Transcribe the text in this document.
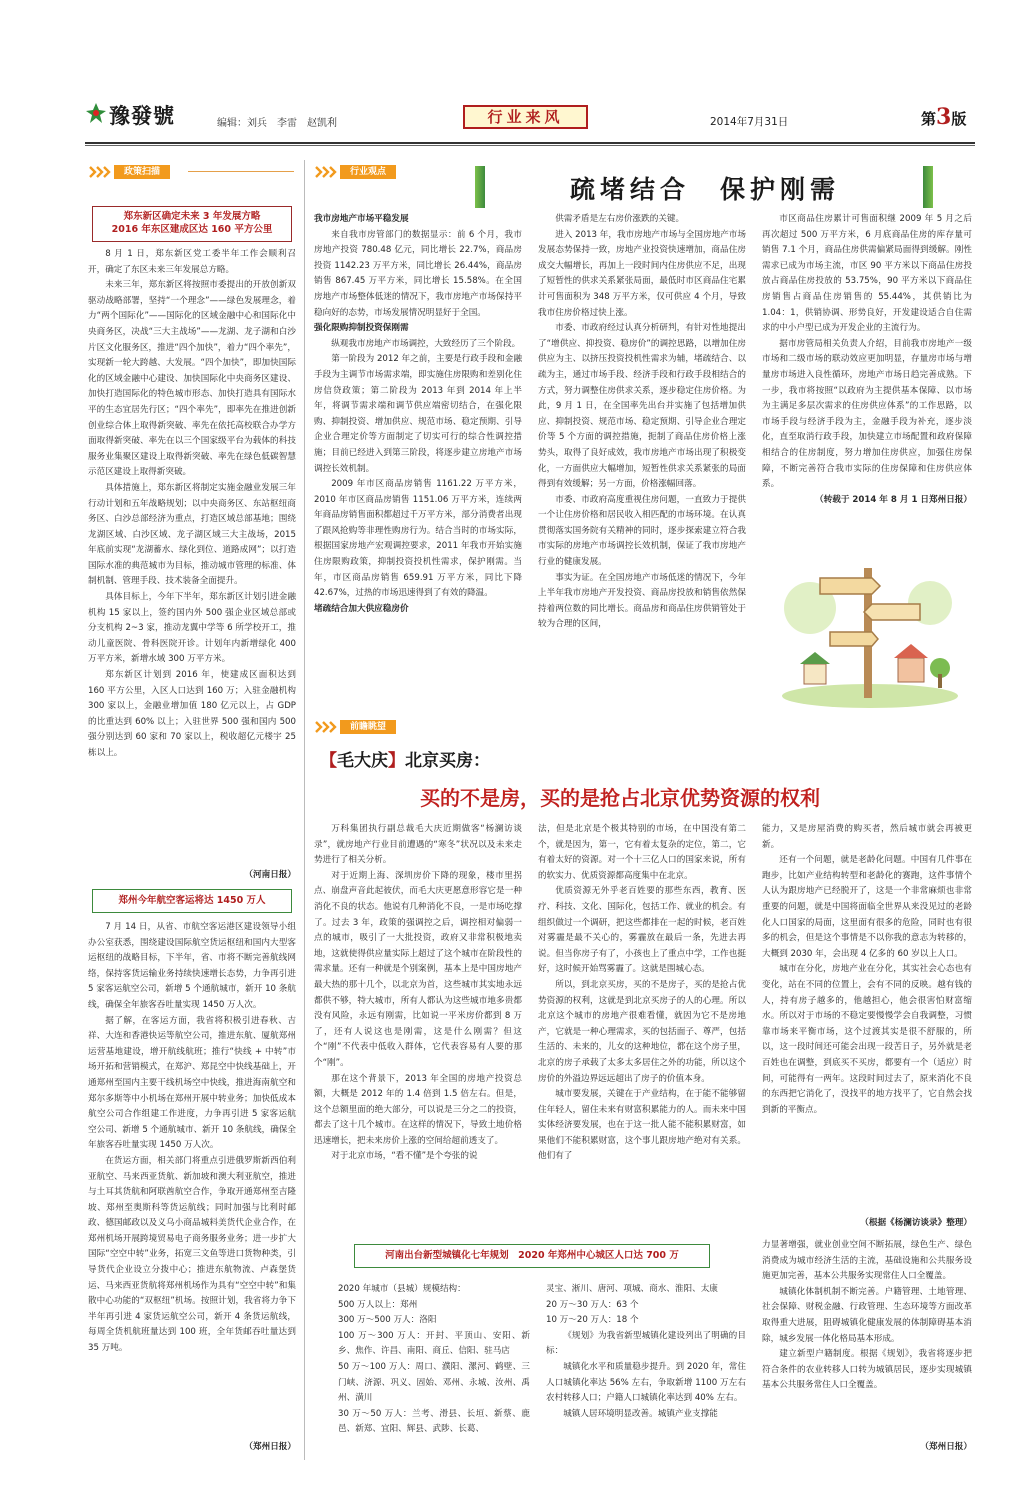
豫發號	编辑：刘兵　李雷　赵凯利	行业来风	2014年7月31日	第3版
政策扫描
郑东新区确定未来 3 年发展方略
2016 年东区建成区达 160 平方公里

8 月 1 日，郑东新区党工委半年工作会顺利召开，确定了东区未来三年发展总方略。

未来三年，郑东新区将按照市委提出的开放创新双驱动战略部署，坚持“一个理念”——绿色发展理念，着力“两个国际化”——国际化的区域金融中心和国际化中央商务区，决战“三大主战场”——龙湖、龙子湖和白沙片区文化服务区，推进“四个加快”，着力“四个率先”，实现新一轮大跨越、大发展。“四个加快”，即加快国际化的区域金融中心建设、加快国际化中央商务区建设、加快打造国际化的特色城市形态、加快打造具有国际水平的生态宜居先行区；“四个率先”，即率先在推进创新创业综合体上取得新突破、率先在依托高校联合办学方面取得新突破、率先在以三个国家级平台为载体的科技服务业集聚区建设上取得新突破、率先在绿色低碳智慧示范区建设上取得新突破。

具体措施上，郑东新区将制定实施金融业发展三年行动计划和五年战略规划；以中央商务区、东站枢纽商务区、白沙总部经济为重点，打造区域总部基地；围绕龙湖区域、白沙区域、龙子湖区域三大主战场，2015 年底前实现“龙湖蓄水、绿化到位、道路成网”；以打造国际水准的典范城市为目标，推动城市管理的标准、体制机制、管理手段、技术装备全面提升。

具体目标上，今年下半年，郑东新区计划引进金融机构 15 家以上，签约国内外 500 强企业区域总部或分支机构 2~3 家，推动龙翼中学等 6 所学校开工，推动儿童医院、骨科医院开诊。计划年内新增绿化 400 万平方米，新增水域 300 万平方米。

郑东新区计划到 2016 年，使建成区面积达到 160 平方公里，入区人口达到 160 万；入驻金融机构 300 家以上，金融业增加值 180 亿元以上，占 GDP 的比重达到 60% 以上；入驻世界 500 强和国内 500 强分别达到 60 家和 70 家以上，税收超亿元楼宇 25 栋以上。

（河南日报）

郑州今年航空客运将达 1450 万人

7 月 14 日，从省、市航空客运港区建设领导小组办公室获悉，围绕建设国际航空货运枢纽和国内大型客运枢纽的战略目标，下半年，省、市将不断完善航线网络，保持客货运输业务持续快速增长态势，力争再引进 5 家客运航空公司，新增 5 个通航城市，新开 10 条航线，确保全年旅客吞吐量实现 1450 万人次。

据了解，在客运方面，我省将积极引进春秋、吉祥、大连和香港快运等航空公司，推进东航、厦航郑州运营基地建设，增开航线航班；推行“快线 + 中转”市场开拓和营销模式，在郑沪、郑昆空中快线基础上，开通郑州至国内主要干线机场空中快线，推进海南航空和郑尔多斯等中小机场在郑州开展中转业务；加快低成本航空公司合作组建工作进度，力争再引进 5 家客运航空公司、新增 5 个通航城市、新开 10 条航线，确保全年旅客吞吐量实现 1450 万人次。

在货运方面，相关部门将重点引进俄罗斯新西伯利亚航空、马来西亚货航、新加坡和澳大利亚航空，推进与土耳其货航和阿联酋航空合作，争取开通郑州至吉隆坡、郑州至奥斯科等货运航线；同时加强与比利时邮政、德国邮政以及义乌小商品城料美货代企业合作，在郑州机场开展跨境贸易电子商务服务业务；进一步扩大国际“空空中转”业务，拓宽三文鱼等进口货物种类，引导货代企业设立分拨中心；推进东航物流、卢森堡货运、马来西亚货航将郑州机场作为具有“空空中转”和集散中心功能的“双枢纽”机场。按照计划，我省将力争下半年再引进 4 家货运航空公司，新开 4 条货运航线，每周全货机航班量达到 100 班，全年货邮吞吐量达到 35 万吨。

（郑州日报）

行业观点
疏堵结合　保护刚需

我市房地产市场平稳发展

来自我市房管部门的数据显示：前 6 个月，我市房地产投资 780.48 亿元，同比增长 22.7%，商品房投资 1142.23 万平方米，同比增长 26.44%，商品房销售 867.45 万平方米，同比增长 15.58%。在全国房地产市场整体低迷的情况下，我市房地产市场保持平稳向好的态势，市场发展情况明显好于全国。

强化限购抑制投资保刚需

纵观我市房地产市场调控，大致经历了三个阶段。

第一阶段为 2012 年之前，主要是行政手段和金融手段为主调节市场需求端，即实施住房限购和差别化住房信贷政策；第二阶段为 2013 年到 2014 年上半年，将调节需求端和调节供应端密切结合，在强化限购、抑制投资、增加供应、规范市场、稳定预期、引导企业合理定价等方面制定了切实可行的综合性调控措施；目前已经进入到第三阶段，将逐步建立房地产市场调控长效机制。

2009 年市区商品房销售 1161.22 万平方米，2010 年市区商品房销售 1151.06 万平方米，连续两年商品房销售面积都超过千万平方米，部分消费者出现了跟风抢购等非理性购房行为。结合当时的市场实际，根据国家房地产宏观调控要求，2011 年我市开始实施住房限购政策，抑制投资投机性需求，保护刚需。当年，市区商品房销售 659.91 万平方米，同比下降 42.67%，过热的市场迅速得到了有效的降温。

堵疏结合加大供应稳房价

供需矛盾是左右房价涨跌的关键。

进入 2013 年，我市房地产市场与全国房地产市场发展态势保持一致，房地产业投资快速增加，商品住房成交大幅增长，再加上一段时间内住房供应不足，出现了短暂性的供求关系紧张局面，最低时市区商品住宅累计可售面积为 348 万平方米，仅可供应 4 个月，导致我市住房价格过快上涨。

市委、市政府经过认真分析研判，有针对性地提出了“增供应、抑投资、稳房价”的调控思路，以增加住房供应为主、以挤压投资投机性需求为辅，堵疏结合、以疏为主，通过市场手段、经济手段和行政手段相结合的方式，努力调整住房供求关系，逐步稳定住房价格。为此，9 月 1 日，在全国率先出台并实施了包括增加供应、抑制投资、规范市场、稳定预期、引导企业合理定价等 5 个方面的调控措施，扼制了商品住房价格上涨势头，取得了良好成效，我市房地产市场出现了积极变化，一方面供应大幅增加，短暂性供求关系紧张的局面得到有效缓解；另一方面，价格涨幅回落。

市委、市政府高度重视住房问题，一直致力于提供一个让住房价格和居民收入相匹配的市场环境。在认真贯彻落实国务院有关精神的同时，逐步探索建立符合我市实际的房地产市场调控长效机制，保证了我市房地产行业的健康发展。

事实为证。在全国房地产市场低迷的情况下，今年上半年我市房地产开发投资、商品房投放和销售依然保持着两位数的同比增长。商品房和商品住房供销管处于较为合理的区间，

市区商品住房累计可售面积继 2009 年 5 月之后再次超过 500 万平方米，6 月底商品住房的库存量可销售 7.1 个月，商品住房供需偏紧局面得到缓解。刚性需求已成为市场主流，市区 90 平方米以下商品住房投放占商品住房投放的 53.75%，90 平方米以下商品住房销售占商品住房销售的 55.44%，其供销比为 1.04：1，供销协调、形势良好，开发建设适合自住需求的中小户型已成为开发企业的主流行为。

据市房管局相关负责人介绍，目前我市房地产一级市场和二级市场的联动效应更加明显，存量房市场与增量房市场进入良性循环，房地产市场日趋完善成熟。下一步，我市将按照“以政府为主提供基本保障、以市场为主满足多层次需求的住房供应体系”的工作思路，以市场手段与经济手段为主，金融手段为补充，逐步淡化，直至取消行政手段，加快建立市场配置和政府保障相结合的住房制度，努力增加住房供应，加强住房保障，不断完善符合我市实际的住房保障和住房供应体系。

（转载于 2014 年 8 月 1 日郑州日报）

前瞻眺望
【毛大庆】北京买房：
买的不是房，买的是抢占北京优势资源的权利

万科集团执行副总裁毛大庆近期做客“杨澜访谈录”，就房地产行业目前遭遇的“寒冬”状况以及未来走势进行了相关分析。

对于近期上海、深圳房价下降的现象，楼市里拐点、崩盘声音此起彼伏，而毛大庆更愿意形容它是一种消化不良的状态。他说有几种消化不良，一是市场吃撑了。过去 3 年，政策的强调控之后，调控相对偏弱一点的城市，吸引了一大批投资，政府又非常积极地卖地，这就使得供应量实际上超过了这个城市在阶段性的需求量。还有一种就是个别案例，基本上是中国房地产最大热的那十几个，以北京为首，这些城市其实地永远都供不够，特大城市，所有人都认为这些城市地多贵都没有风险，永远有刚需，比如说一平米房价都到 8 万了，还有人说这也是刚需，这是什么刚需？但这个“刚”不代表中低收入群体，它代表容易有人要的那个“刚”。

那在这个背景下，2013 年全国的房地产投资总额，大概是 2012 年的 1.4 倍到 1.5 倍左右。但是，这个总额里面的绝大部分，可以说是三分之二的投资，都去了这十几个城市。在这样的情况下，导致土地价格迅速增长，把未来房价上涨的空间给超前透支了。

对于北京市场，“看不懂”是个夸张的说

法，但是北京是个极其特别的市场，在中国没有第二个，就是因为，第一，它有着太复杂的定位，第二，它有着太好的资源。对一个十三亿人口的国家来说，所有的软实力、优质资源都高度集中在北京。

优质资源无外乎老百姓要的那些东西，教育、医疗、科技、文化、国际化，包括工作、就业的机会。有组织做过一个调研，把这些都排在一起的时候，老百姓对雾霾是最不关心的，雾霾放在最后一条，先进去再说。但当你房子有了，小孩也上了重点中学，工作也挺好，这时候开始骂雾霾了。这就是围城心态。

所以，到北京买房，买的不是房子，买的是抢占优势资源的权利，这就是到北京买房子的人的心理。所以北京这个城市的房地产很难看懂，就因为它不是房地产，它就是一种心理需求，买的包括面子、尊严，包括生活的、未来的，儿女的这种地位，都在这个房子里，北京的房子承载了太多太多居住之外的功能，所以这个房价的外溢边界远远超出了房子的价值本身。

城市要发展，关键在于产业结构，在于能不能够留住年轻人，留住未来有财富积累能力的人。而未来中国实体经济要发展，也在于这一批人能不能积累财富，如果他们不能积累财富，这个事儿跟房地产绝对有关系。他们有了

能力，又是房屋消费的购买者，然后城市就会再被更新。

还有一个问题，就是老龄化问题。中国有几件事在跑步，比如产业结构转型和老龄化的赛跑，这件事情个人认为跟房地产已经脱开了，这是一个非常麻烦也非常重要的问题，就是中国将面临全世界从来没见过的老龄化人口国家的局面，这里面有很多的危险，同时也有很多的机会，但是这个事情是不以你我的意志为转移的，大概到 2030 年，会出现 4 亿多的 60 岁以上人口。

城市在分化，房地产业在分化，其实社会心态也有变化，站在不同的位置上，会有不同的反映。越有钱的人，持有房子越多的，他越担心，他会很害怕财富缩水。所以对于市场的不稳定要慢慢学会自我调整，习惯靠市场来平衡市场，这个过渡其实是很不舒服的，所以，这一段时间还可能会出现一段苦日子，另外就是老百姓也在调整，到底买不买房，都要有一个（适应）时间，可能得有一两年。这段时间过去了，原来消化不良的东西把它消化了，没找平的地方找平了，它自然会找到新的平衡点。

（根据《杨澜访谈录》整理）

河南出台新型城镇化七年规划　2020 年郑州中心城区人口达 700 万

2020 年城市（县城）规模结构：

500 万人以上：郑州

300 万～500 万人：洛阳

100 万～300 万人：开封、平顶山、安阳、新乡、焦作、许昌、南阳、商丘、信阳、驻马店

50 万～100 万人：周口、濮阳、漯河、鹤壁、三门峡、济源、巩义、固始、邓州、永城、汝州、禹州、潢川

30 万～50 万人：兰考、滑县、长垣、新蔡、鹿邑、新郑、宜阳、辉县、武陟、长葛、

灵宝、淅川、唐河、项城、商水、淮阳、太康

20 万～30 万人：63 个

10 万～20 万人：18 个

《规划》为我省新型城镇化建设列出了明确的目标：

城镇化水平和质量稳步提升。到 2020 年，常住人口城镇化率达 56% 左右，争取新增 1100 万左右农村转移人口；户籍人口城镇化率达到 40% 左右。

城镇人居环境明显改善。城镇产业支撑能

力显著增强，就业创业空间不断拓展，绿色生产、绿色消费成为城市经济生活的主流，基础设施和公共服务设施更加完善，基本公共服务实现常住人口全覆盖。

城镇化体制机制不断完善。户籍管理、土地管理、社会保障、财税金融、行政管理、生态环境等方面改革取得重大进展，阻碍城镇化健康发展的体制障碍基本消除，城乡发展一体化格局基本形成。

建立新型户籍制度。根据《规划》，我省将逐步把符合条件的农业转移人口转为城镇居民，逐步实现城镇基本公共服务常住人口全覆盖。

（郑州日报）
